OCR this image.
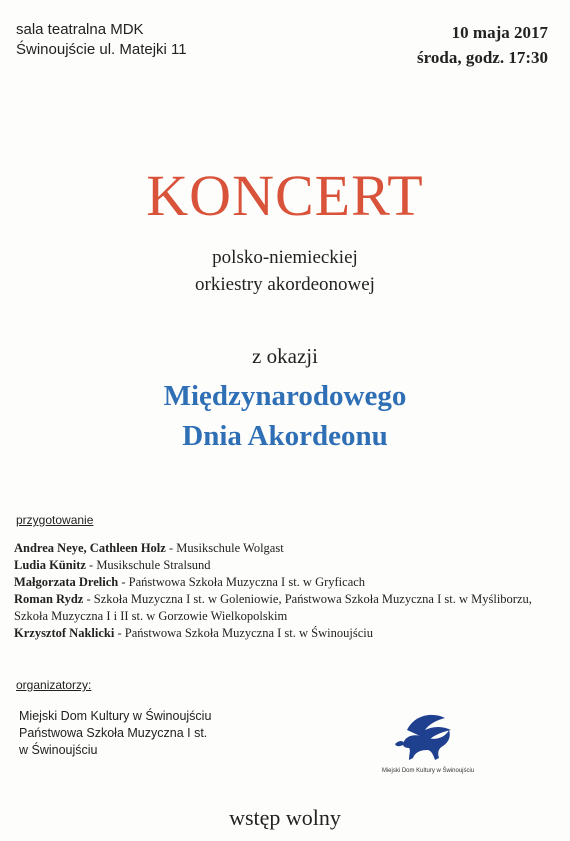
sala teatralna MDK
Świnoujście ul. Matejki 11
10 maja 2017
środa, godz. 17:30
KONCERT
polsko-niemieckiej
orkiestry akordeonowej
z okazji
Międzynarodowego
Dnia Akordeonu
przygotowanie
Andrea Neye, Cathleen Holz - Musikschule Wolgast
Ludia Künitz - Musikschule Stralsund
Małgorzata Drelich - Państwowa Szkoła Muzyczna I st. w Gryficach
Roman Rydz - Szkoła Muzyczna I st. w Goleniowie, Państwowa Szkoła Muzyczna I st. w Myśliborzu, Szkoła Muzyczna I i II st. w Gorzowie Wielkopolskim
Krzysztof Naklicki - Państwowa Szkoła Muzyczna I st. w Świnoujściu
organizatorzy:
Miejski Dom Kultury w Świnoujściu
Państwowa Szkoła Muzyczna I st.
w Świnoujściu
Miejski Dom Kultury w Świnoujściu
wstęp wolny
